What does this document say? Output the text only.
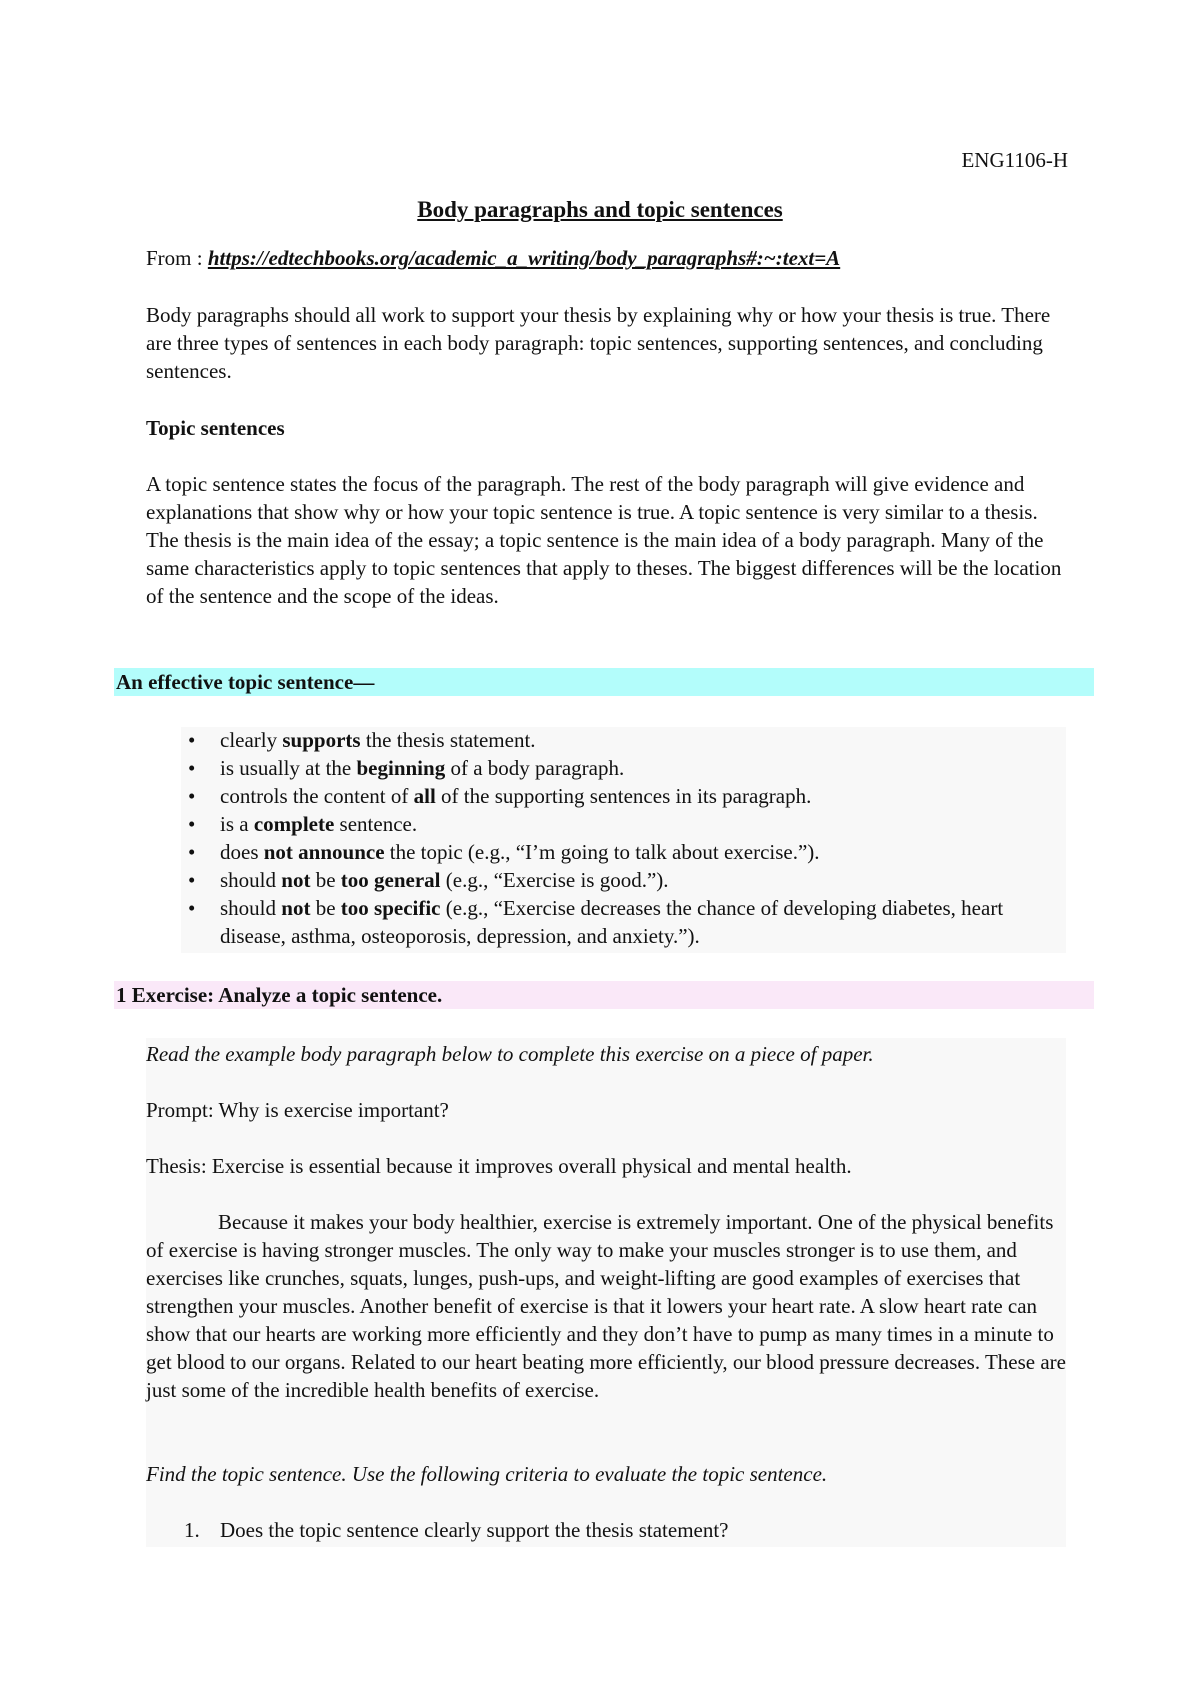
ENG1106-H
Body paragraphs and topic sentences
From : https://edtechbooks.org/academic_a_writing/body_paragraphs#:~:text=A

Body paragraphs should all work to support your thesis by explaining why or how your thesis is true. There are three types of sentences in each body paragraph: topic sentences, supporting sentences, and concluding sentences.

Topic sentences

A topic sentence states the focus of the paragraph. The rest of the body paragraph will give evidence and explanations that show why or how your topic sentence is true. A topic sentence is very similar to a thesis. The thesis is the main idea of the essay; a topic sentence is the main idea of a body paragraph. Many of the same characteristics apply to topic sentences that apply to theses. The biggest differences will be the location of the sentence and the scope of the ideas.

An effective topic sentence—
• clearly supports the thesis statement.
• is usually at the beginning of a body paragraph.
• controls the content of all of the supporting sentences in its paragraph.
• is a complete sentence.
• does not announce the topic (e.g., “I’m going to talk about exercise.”).
• should not be too general (e.g., “Exercise is good.”).
• should not be too specific (e.g., “Exercise decreases the chance of developing diabetes, heart disease, asthma, osteoporosis, depression, and anxiety.”).
1 Exercise: Analyze a topic sentence.
Read the example body paragraph below to complete this exercise on a piece of paper.
Prompt: Why is exercise important?
Thesis: Exercise is essential because it improves overall physical and mental health.

Because it makes your body healthier, exercise is extremely important. One of the physical benefits of exercise is having stronger muscles. The only way to make your muscles stronger is to use them, and exercises like crunches, squats, lunges, push-ups, and weight-lifting are good examples of exercises that strengthen your muscles. Another benefit of exercise is that it lowers your heart rate. A slow heart rate can show that our hearts are working more efficiently and they don’t have to pump as many times in a minute to get blood to our organs. Related to our heart beating more efficiently, our blood pressure decreases. These are just some of the incredible health benefits of exercise.

Find the topic sentence. Use the following criteria to evaluate the topic sentence.
1. Does the topic sentence clearly support the thesis statement?
